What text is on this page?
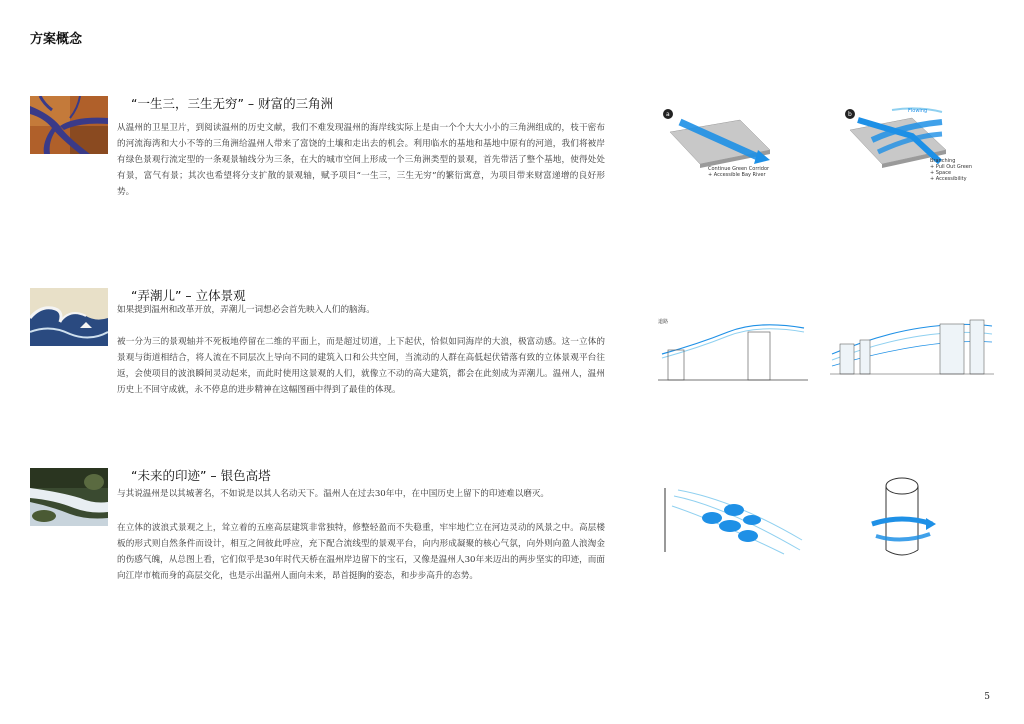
方案概念
“一生三，三生无穷” – 财富的三角洲

从温州的卫星卫片，到阅读温州的历史文献，我们不难发现温州的海岸线实际上是由一个个大大小小的三角洲组成的，枝干密布的河流海湾和大小不等的三角洲给温州人带来了富饶的土壤和走出去的机会。利用临水的基地和基地中原有的河道，我们将被岸有绿色景观行流定型的一条观景轴线分为三条，在大的城市空间上形成一个三角洲类型的景观，首先带活了整个基地，使得处处有景，富气有景；其次也希望将分支扩散的景观轴，赋予项目“一生三，三生无穷”的繁衍寓意，为项目带来财富递增的良好形势。

a
Continue Green Corridor
+ Accessible Bay River
b	Flowing
Branching
+ Pull Out Green
+ Space
+ Accessibility
“弄潮儿” – 立体景观

如果提到温州和改革开放，弄潮儿一词想必会首先映入人们的脑海。

被一分为三的景观轴并不死板地停留在二维的平面上，而是超过切道，上下起伏，恰似如同海岸的大浪，极富动感。这一立体的景观与街道相结合，将人流在不同层次上导向不同的建筑入口和公共空间，当流动的人群在高低起伏错落有致的立体景观平台往返，会使项目的波浪瞬间灵动起来，而此时使用这景观的人们，就像立不动的高大建筑，都会在此刻成为弄潮儿。温州人，温州历史上不回守成就，永不停息的进步精神在这幅图画中得到了最佳的体现。

道路
“未来的印迹” – 银色高塔

与其说温州是以其城著名，不如说是以其人名动天下。温州人在过去30年中，在中国历史上留下的印迹难以磨灭。

在立体的波浪式景观之上，耸立着的五座高层建筑非常独特，修整轻盈而不失稳重，牢牢地伫立在河边灵动的风景之中。高层楼板的形式则自然条件而设计，相互之间彼此呼应，充下配合流线型的景观平台，向内形成凝聚的核心气氛，向外则向盈人浪淘金的伤感气魄，从总图上看，它们似乎是30年时代天桥在温州岸边留下的宝石，又像是温州人30年来迈出的两步坚实的印迹，而面向江岸市梳而身的高层交化，也是示出温州人面向未来，昂首挺胸的姿态，和步步高升的态势。

5
